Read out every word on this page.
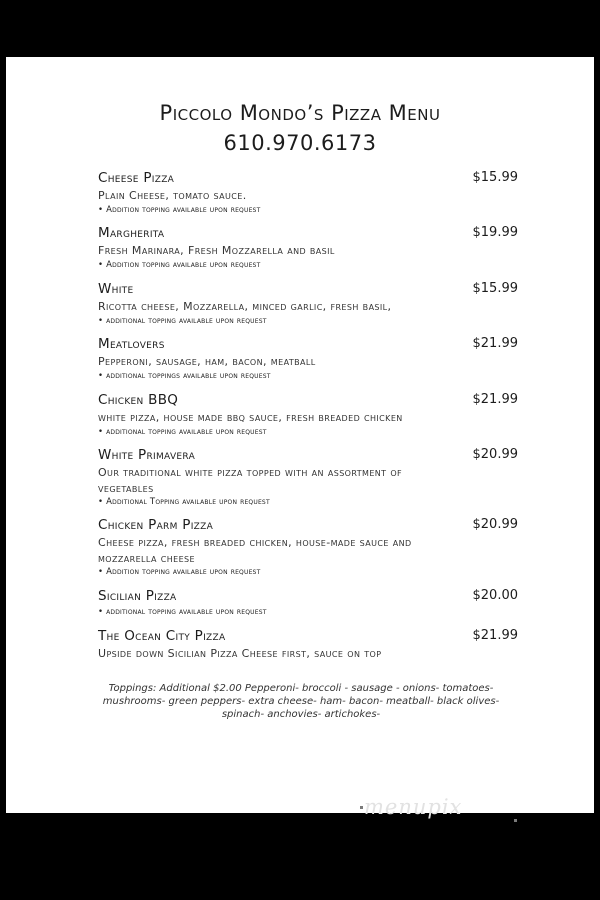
Piccolo Mondo’s Pizza Menu
610.970.6173
Cheese Pizza	$15.99
Plain Cheese, tomato sauce.
• Addition topping available upon request
Margherita	$19.99
Fresh Marinara, Fresh Mozzarella and basil
• Addition topping available upon request
White	$15.99
Ricotta cheese, Mozzarella, minced garlic, fresh basil,
• additional topping available upon request
Meatlovers	$21.99
Pepperoni, sausage, ham, bacon, meatball
• additional toppings available upon request
Chicken BBQ	$21.99
white pizza, house made bbq sauce, fresh breaded chicken
• additional topping available upon request
White Primavera	$20.99
Our traditional white pizza topped with an assortment of vegetables
• Additional Topping available upon request
Chicken Parm Pizza	$20.99
Cheese pizza, fresh breaded chicken, house-made sauce and mozzarella cheese
• Addition topping available upon request
Sicilian Pizza	$20.00
• additional topping available upon request
The Ocean City Pizza	$21.99
Upside down Sicilian Pizza Cheese first, sauce on top
Toppings: Additional $2.00 Pepperoni- broccoli - sausage - onions- tomatoes- mushrooms- green peppers- extra cheese- ham- bacon- meatball- black olives- spinach- anchovies- artichokes-
menupix
